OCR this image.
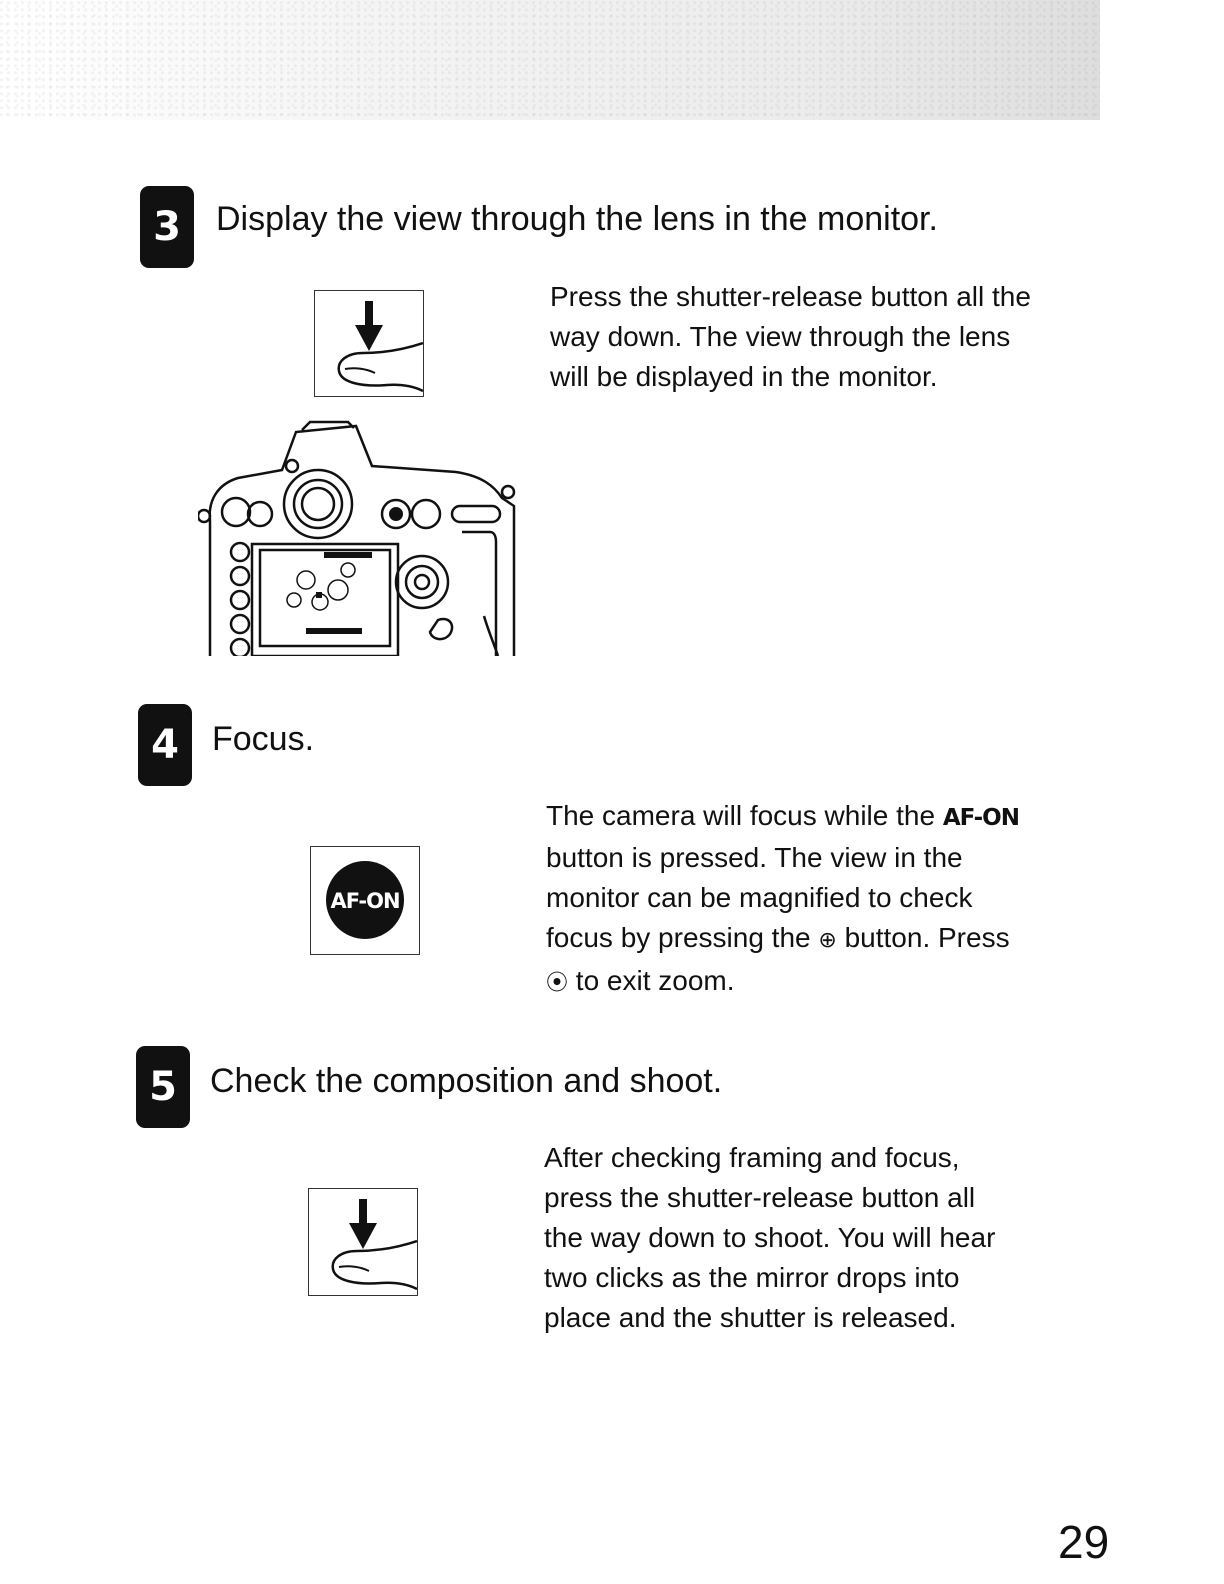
3 Display the view through the lens in the monitor.

Press the shutter-release button all the
way down. The view through the lens
will be displayed in the monitor.

4 Focus.
AF-ON

The camera will focus while the AF-ON
button is pressed. The view in the
monitor can be magnified to check
focus by pressing the ⊕ button. Press
⦿ to exit zoom.

5 Check the composition and shoot.

After checking framing and focus,
press the shutter-release button all
the way down to shoot. You will hear
two clicks as the mirror drops into
place and the shutter is released.

29
